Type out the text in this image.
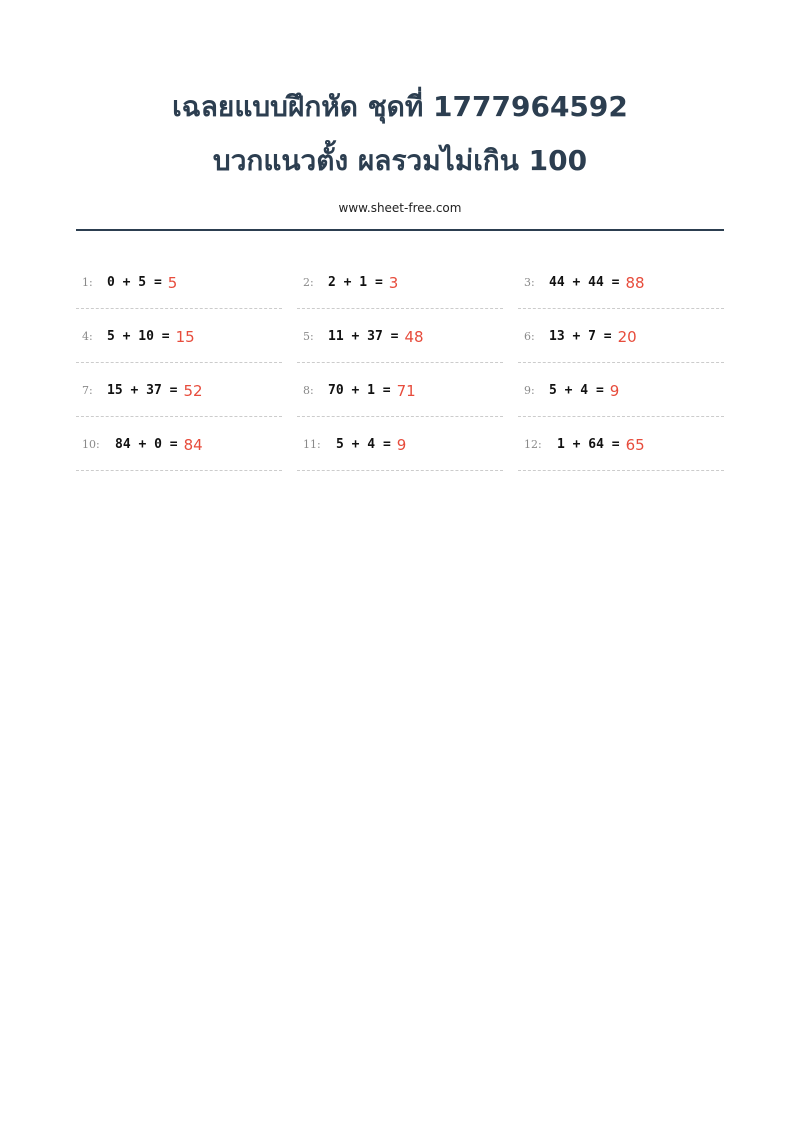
เฉลยแบบฝึกหัด ชุดที่ 1777964592
บวกแนวตั้ง ผลรวมไม่เกิน 100
www.sheet-free.com
1:	0 + 5 = 5	2:	2 + 1 = 3	3:	44 + 44 = 88
4:	5 + 10 = 15	5:	11 + 37 = 48	6:	13 + 7 = 20
7:	15 + 37 = 52	8:	70 + 1 = 71	9:	5 + 4 = 9
10:	84 + 0 = 84	11:	5 + 4 = 9	12:	1 + 64 = 65
